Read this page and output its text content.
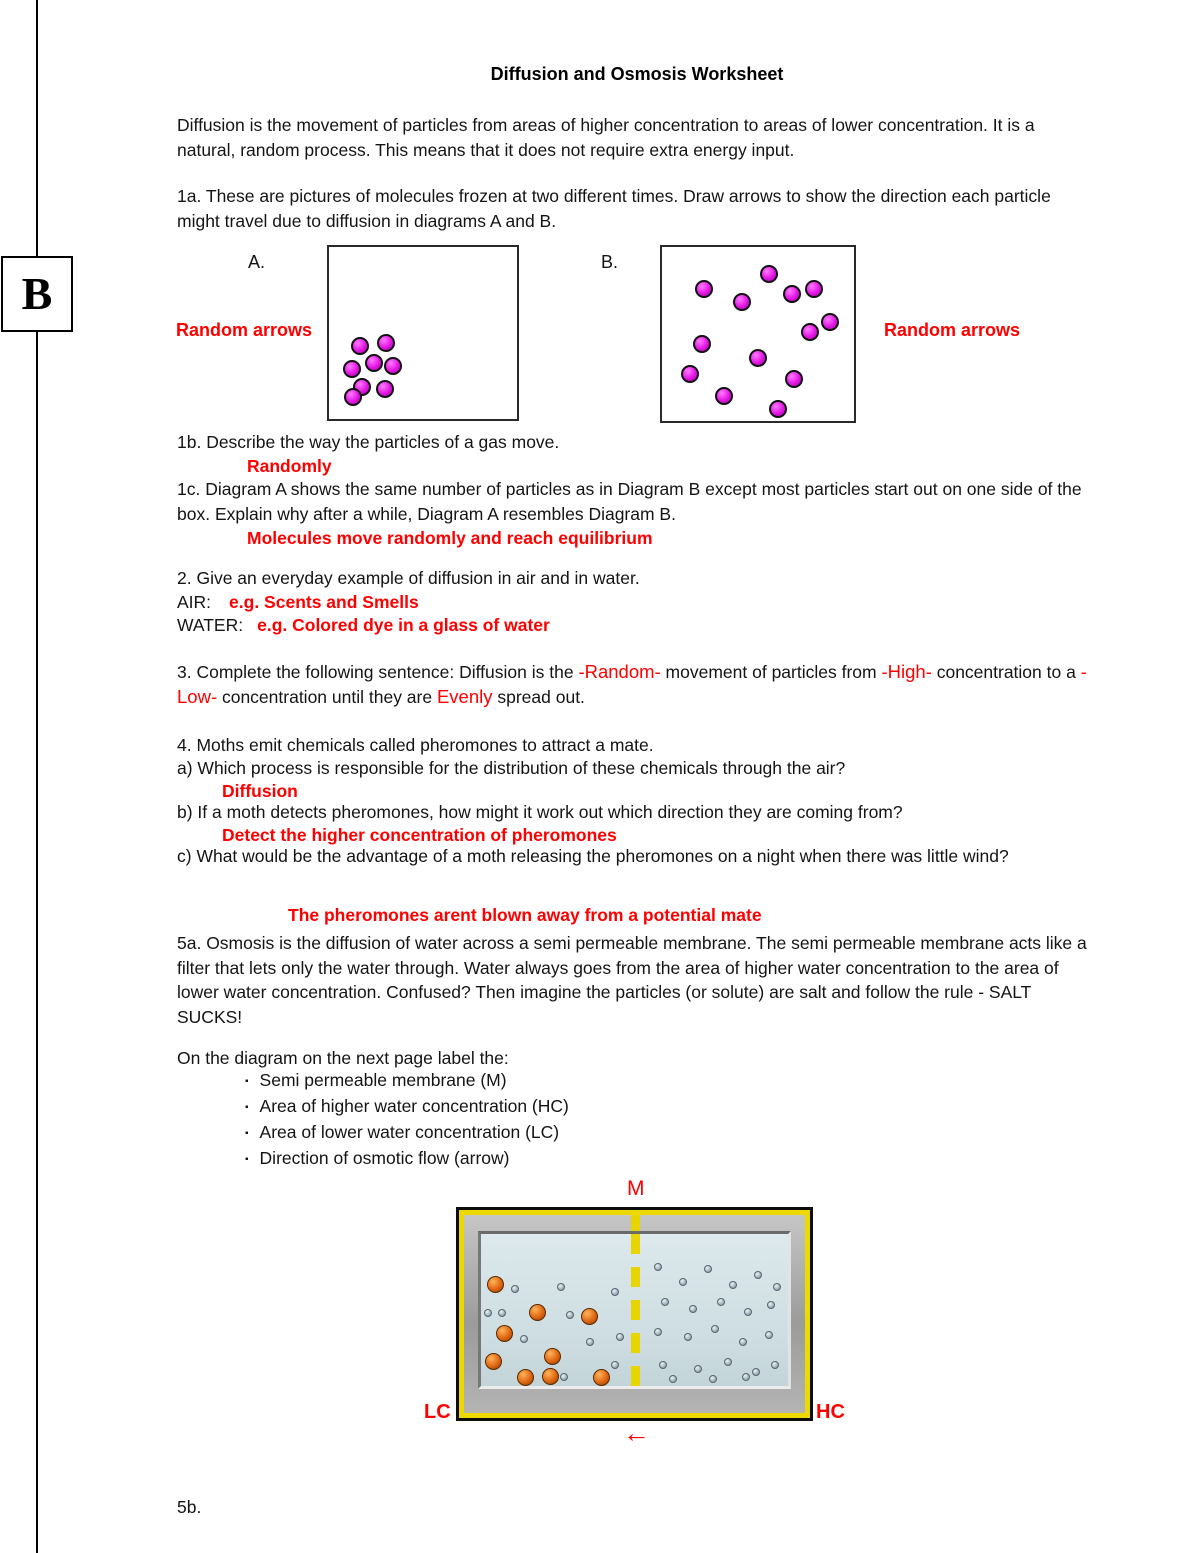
B
Diffusion and Osmosis Worksheet

Diffusion is the movement of particles from areas of higher concentration to areas of lower concentration. It is a natural, random process. This means that it does not require extra energy input.

1a. These are pictures of molecules frozen at two different times. Draw arrows to show the direction each particle might travel due to diffusion in diagrams A and B.

A.	B.
Random arrows	Random arrows

1b. Describe the way the particles of a gas move.

Randomly

1c. Diagram A shows the same number of particles as in Diagram B except most particles start out on one side of the box. Explain why after a while, Diagram A resembles Diagram B.

Molecules move randomly and reach equilibrium

2. Give an everyday example of diffusion in air and in water.

AIR: e.g. Scents and Smells

WATER: e.g. Colored dye in a glass of water

3. Complete the following sentence: Diffusion is the -Random- movement of particles from -High- concentration to a -Low- concentration until they are Evenly spread out.

4. Moths emit chemicals called pheromones to attract a mate.

a) Which process is responsible for the distribution of these chemicals through the air?

Diffusion

b) If a moth detects pheromones, how might it work out which direction they are coming from?

Detect the higher concentration of pheromones

c) What would be the advantage of a moth releasing the pheromones on a night when there was little wind?

The pheromones arent blown away from a potential mate

5a. Osmosis is the diffusion of water across a semi permeable membrane. The semi permeable membrane acts like a filter that lets only the water through. Water always goes from the area of higher water concentration to the area of lower water concentration. Confused? Then imagine the particles (or solute) are salt and follow the rule - SALT SUCKS!

On the diagram on the next page label the:

▪ Semi permeable membrane (M)
▪ Area of higher water concentration (HC)
▪ Area of lower water concentration (LC)
▪ Direction of osmotic flow (arrow)
M
LC	HC
←

5b.
